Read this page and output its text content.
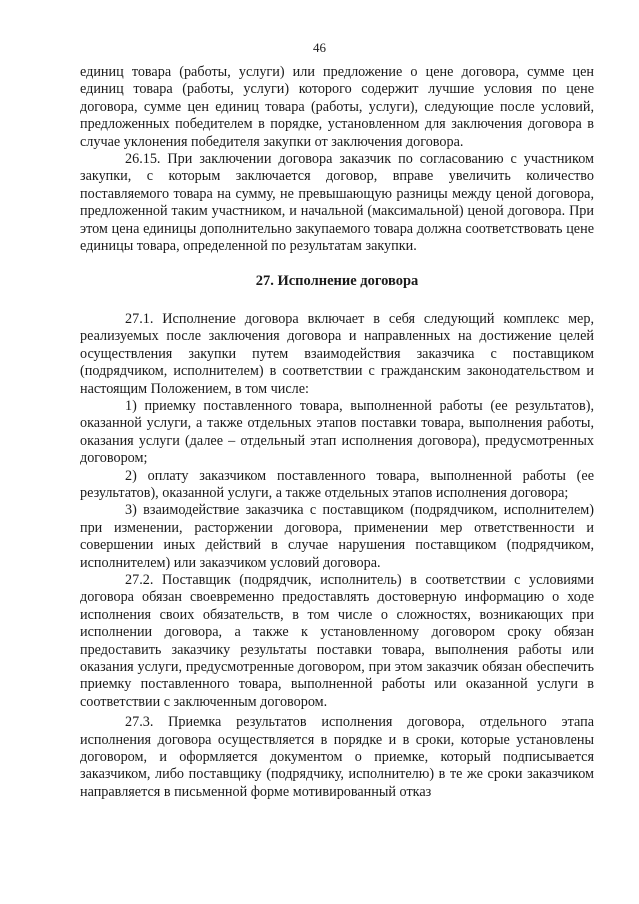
46

единиц товара (работы, услуги) или предложение о цене договора, сумме цен единиц товара (работы, услуги) которого содержит лучшие условия по цене договора, сумме цен единиц товара (работы, услуги), следующие после условий, предложенных победителем в порядке, установленном для заключения договора в случае уклонения победителя закупки от заключения договора.

26.15. При заключении договора заказчик по согласованию с участником закупки, с которым заключается договор, вправе увеличить количество поставляемого товара на сумму, не превышающую разницы между ценой договора, предложенной таким участником, и начальной (максимальной) ценой договора. При этом цена единицы дополнительно закупаемого товара должна соответствовать цене единицы товара, определенной по результатам закупки.

27. Исполнение договора

27.1. Исполнение договора включает в себя следующий комплекс мер, реализуемых после заключения договора и направленных на достижение целей осуществления закупки путем взаимодействия заказчика с поставщиком (подрядчиком, исполнителем) в соответствии с гражданским законодательством и настоящим Положением, в том числе:

1) приемку поставленного товара, выполненной работы (ее результатов), оказанной услуги, а также отдельных этапов поставки товара, выполнения работы, оказания услуги (далее – отдельный этап исполнения договора), предусмотренных договором;

2) оплату заказчиком поставленного товара, выполненной работы (ее результатов), оказанной услуги, а также отдельных этапов исполнения договора;

3) взаимодействие заказчика с поставщиком (подрядчиком, исполнителем) при изменении, расторжении договора, применении мер ответственности и совершении иных действий в случае нарушения поставщиком (подрядчиком, исполнителем) или заказчиком условий договора.

27.2. Поставщик (подрядчик, исполнитель) в соответствии с условиями договора обязан своевременно предоставлять достоверную информацию о ходе исполнения своих обязательств, в том числе о сложностях, возникающих при исполнении договора, а также к установленному договором сроку обязан предоставить заказчику результаты поставки товара, выполнения работы или оказания услуги, предусмотренные договором, при этом заказчик обязан обеспечить приемку поставленного товара, выполненной работы или оказанной услуги в соответствии с заключенным договором.

27.3. Приемка результатов исполнения договора, отдельного этапа исполнения договора осуществляется в порядке и в сроки, которые установлены договором, и оформляется документом о приемке, который подписывается заказчиком, либо поставщику (подрядчику, исполнителю) в те же сроки заказчиком направляется в письменной форме мотивированный отказ
